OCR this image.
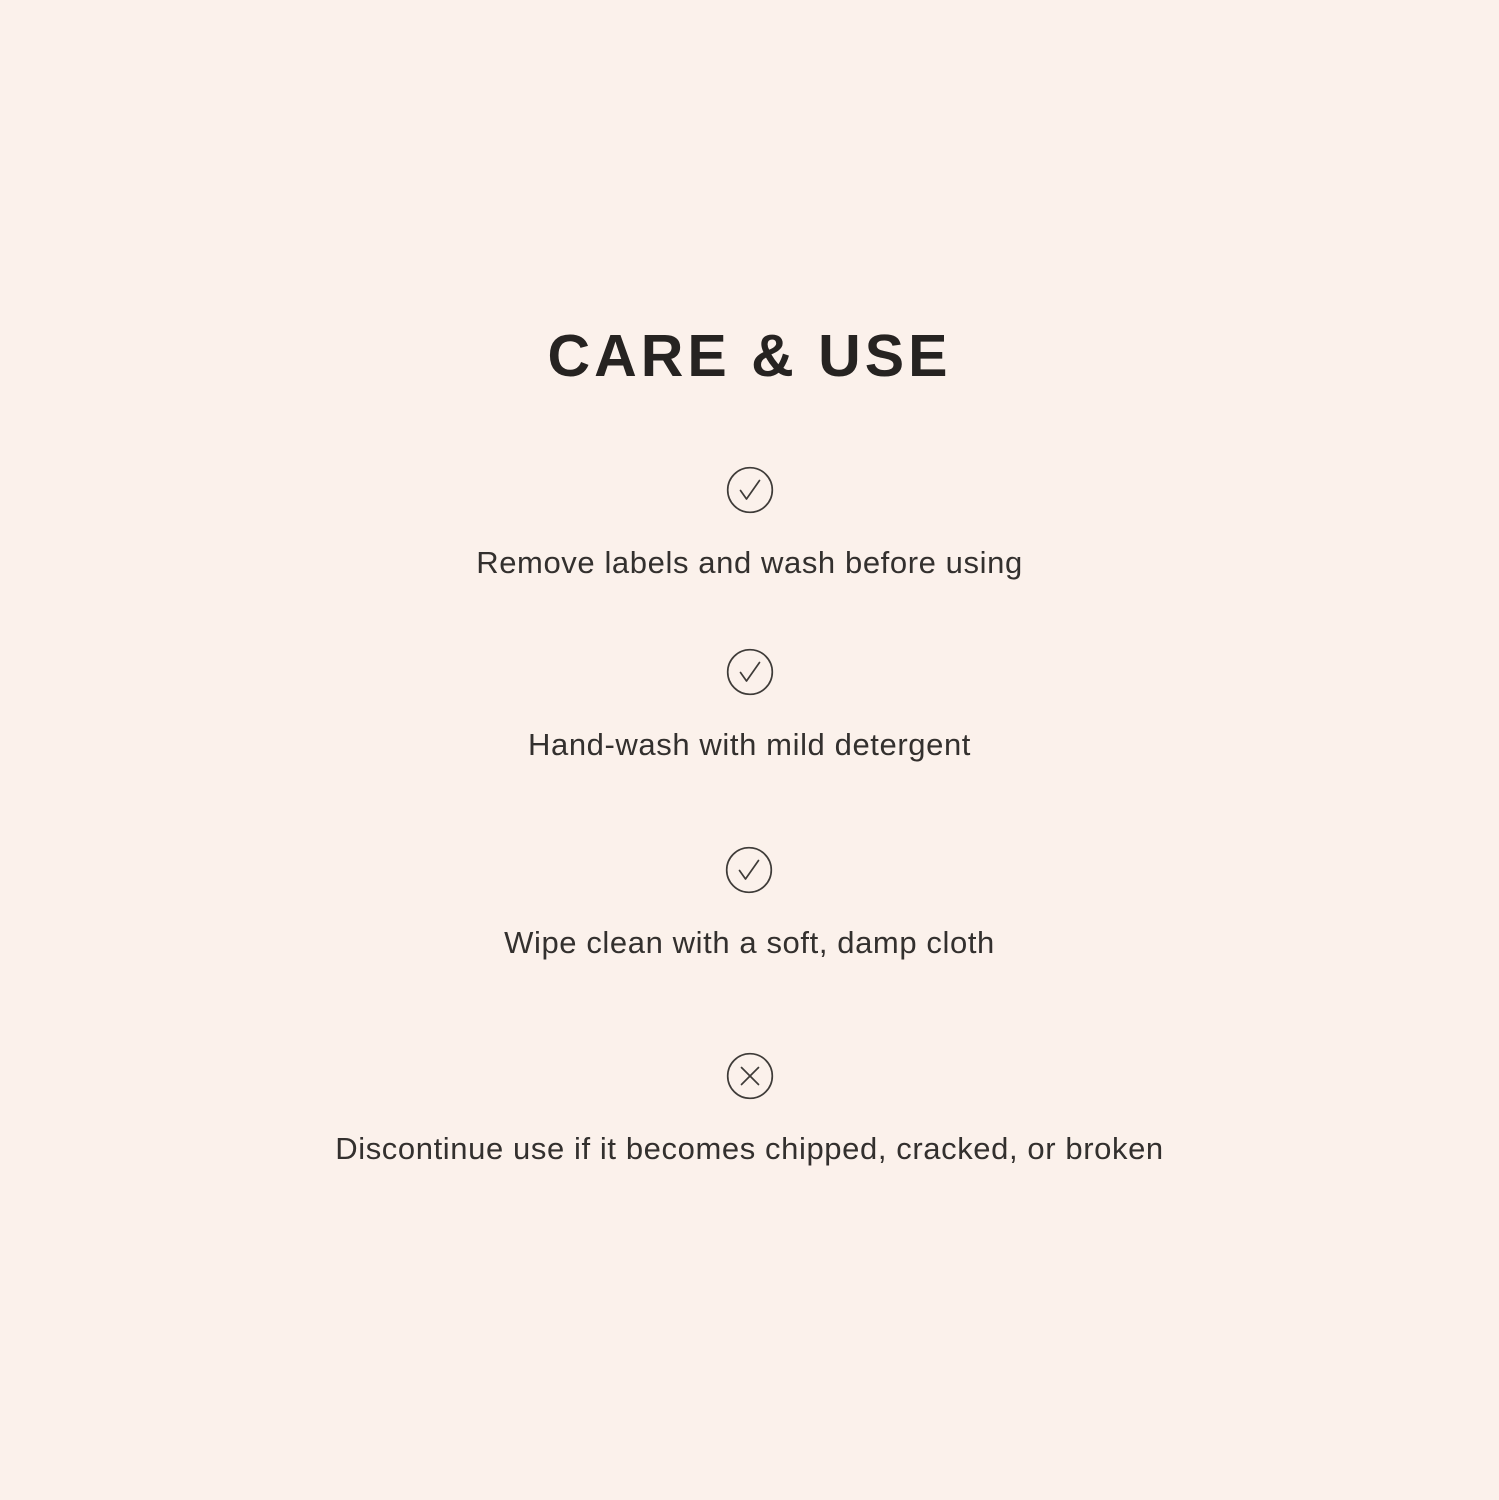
CARE & USE
Remove labels and wash before using
Hand-wash with mild detergent
Wipe clean with a soft, damp cloth
Discontinue use if it becomes chipped, cracked, or broken
